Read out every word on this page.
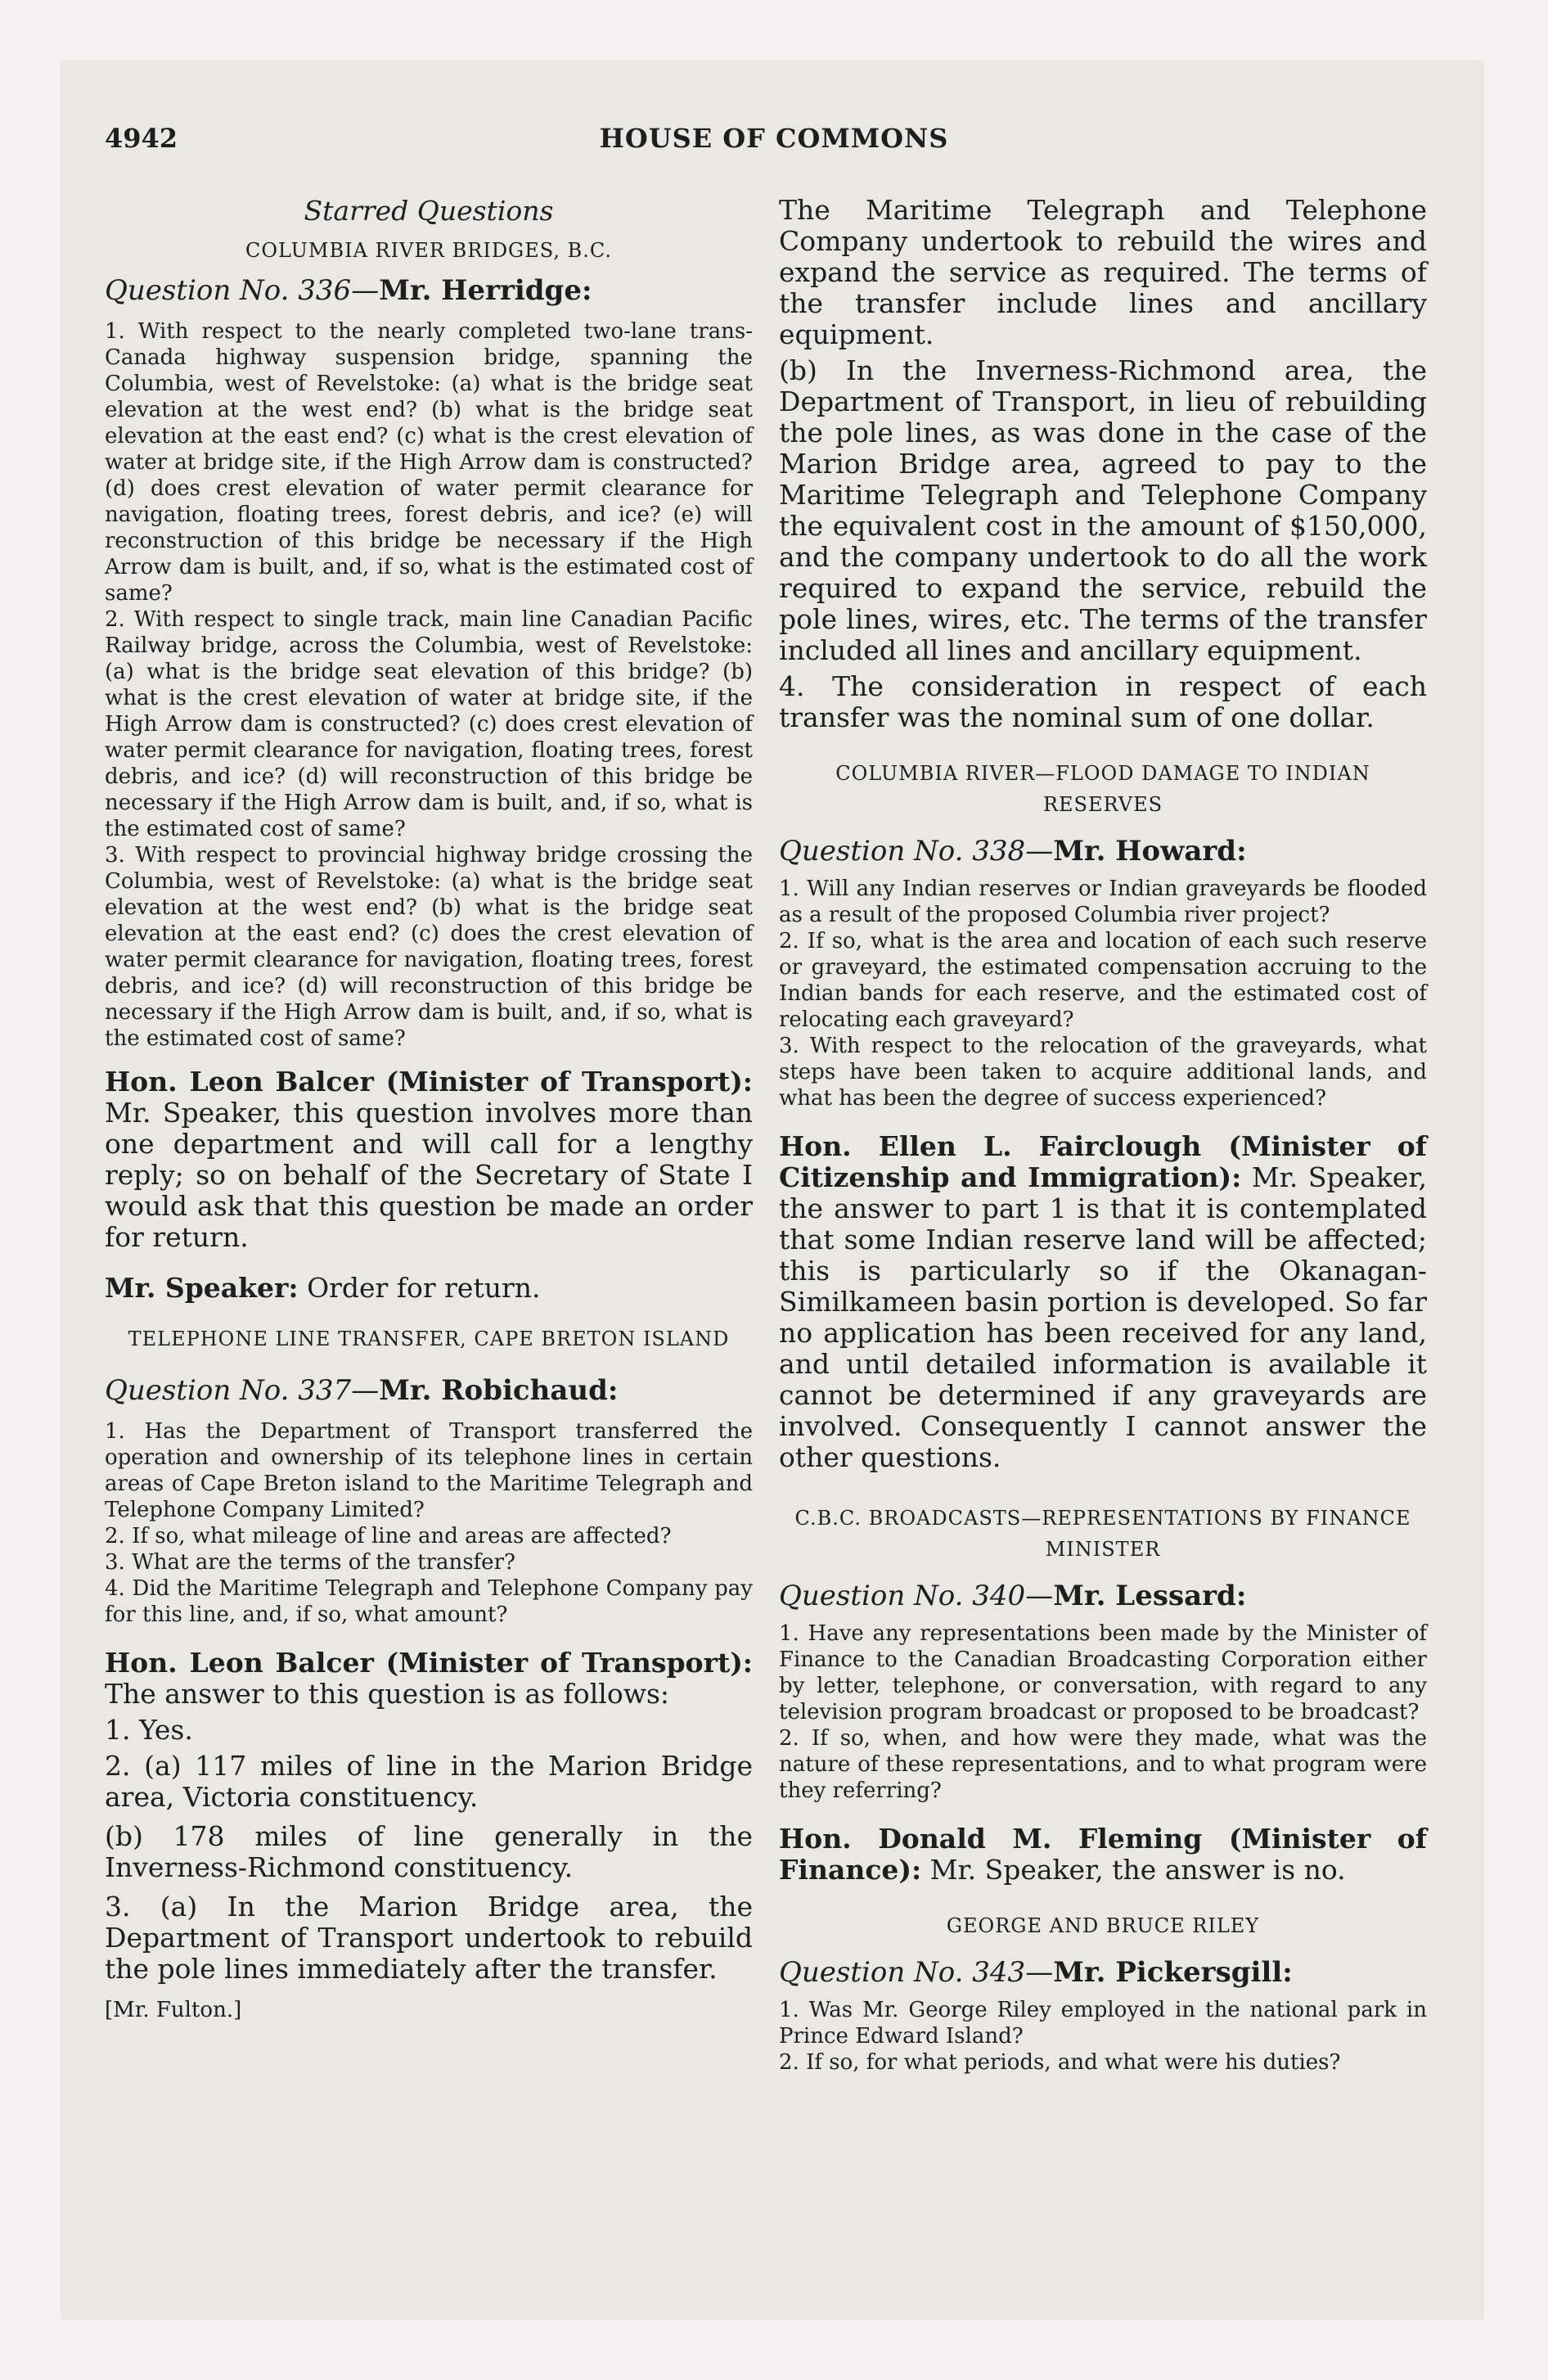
4942	HOUSE OF COMMONS

Starred Questions

COLUMBIA RIVER BRIDGES, B.C.

Question No. 336—Mr. Herridge:

1. With respect to the nearly completed two-lane trans-Canada highway suspension bridge, spanning the Columbia, west of Revelstoke: (a) what is the bridge seat elevation at the west end? (b) what is the bridge seat elevation at the east end? (c) what is the crest elevation of water at bridge site, if the High Arrow dam is constructed? (d) does crest elevation of water permit clearance for navigation, floating trees, forest debris, and ice? (e) will reconstruction of this bridge be necessary if the High Arrow dam is built, and, if so, what is the estimated cost of same?

2. With respect to single track, main line Canadian Pacific Railway bridge, across the Columbia, west of Revelstoke: (a) what is the bridge seat elevation of this bridge? (b) what is the crest elevation of water at bridge site, if the High Arrow dam is constructed? (c) does crest elevation of water permit clearance for navigation, floating trees, forest debris, and ice? (d) will reconstruction of this bridge be necessary if the High Arrow dam is built, and, if so, what is the estimated cost of same?

3. With respect to provincial highway bridge crossing the Columbia, west of Revelstoke: (a) what is the bridge seat elevation at the west end? (b) what is the bridge seat elevation at the east end? (c) does the crest elevation of water permit clearance for navigation, floating trees, forest debris, and ice? (d) will reconstruction of this bridge be necessary if the High Arrow dam is built, and, if so, what is the estimated cost of same?

Hon. Leon Balcer (Minister of Transport): Mr. Speaker, this question involves more than one department and will call for a lengthy reply; so on behalf of the Secretary of State I would ask that this question be made an order for return.

Mr. Speaker: Order for return.

TELEPHONE LINE TRANSFER, CAPE BRETON ISLAND

Question No. 337—Mr. Robichaud:

1. Has the Department of Transport transferred the operation and ownership of its telephone lines in certain areas of Cape Breton island to the Maritime Telegraph and Telephone Company Limited?

2. If so, what mileage of line and areas are affected?

3. What are the terms of the transfer?

4. Did the Maritime Telegraph and Telephone Company pay for this line, and, if so, what amount?

Hon. Leon Balcer (Minister of Transport): The answer to this question is as follows:

1. Yes.

2. (a) 117 miles of line in the Marion Bridge area, Victoria constituency.

(b) 178 miles of line generally in the Inverness-Richmond constituency.

3. (a) In the Marion Bridge area, the Department of Transport undertook to rebuild the pole lines immediately after the transfer.

[Mr. Fulton.]

The Maritime Telegraph and Telephone Company undertook to rebuild the wires and expand the service as required. The terms of the transfer include lines and ancillary equipment.

(b) In the Inverness-Richmond area, the Department of Transport, in lieu of rebuilding the pole lines, as was done in the case of the Marion Bridge area, agreed to pay to the Maritime Telegraph and Telephone Company the equivalent cost in the amount of $150,000, and the company undertook to do all the work required to expand the service, rebuild the pole lines, wires, etc. The terms of the transfer included all lines and ancillary equipment.

4. The consideration in respect of each transfer was the nominal sum of one dollar.

COLUMBIA RIVER—FLOOD DAMAGE TO INDIAN RESERVES

Question No. 338—Mr. Howard:

1. Will any Indian reserves or Indian graveyards be flooded as a result of the proposed Columbia river project?

2. If so, what is the area and location of each such reserve or graveyard, the estimated compensation accruing to the Indian bands for each reserve, and the estimated cost of relocating each graveyard?

3. With respect to the relocation of the graveyards, what steps have been taken to acquire additional lands, and what has been the degree of success experienced?

Hon. Ellen L. Fairclough (Minister of Citizenship and Immigration): Mr. Speaker, the answer to part 1 is that it is contemplated that some Indian reserve land will be affected; this is particularly so if the Okanagan-Similkameen basin portion is developed. So far no application has been received for any land, and until detailed information is available it cannot be determined if any graveyards are involved. Consequently I cannot answer the other questions.

C.B.C. BROADCASTS—REPRESENTATIONS BY FINANCE MINISTER

Question No. 340—Mr. Lessard:

1. Have any representations been made by the Minister of Finance to the Canadian Broadcasting Corporation either by letter, telephone, or conversation, with regard to any television program broadcast or proposed to be broadcast?

2. If so, when, and how were they made, what was the nature of these representations, and to what program were they referring?

Hon. Donald M. Fleming (Minister of Finance): Mr. Speaker, the answer is no.

GEORGE AND BRUCE RILEY

Question No. 343—Mr. Pickersgill:

1. Was Mr. George Riley employed in the national park in Prince Edward Island?

2. If so, for what periods, and what were his duties?
